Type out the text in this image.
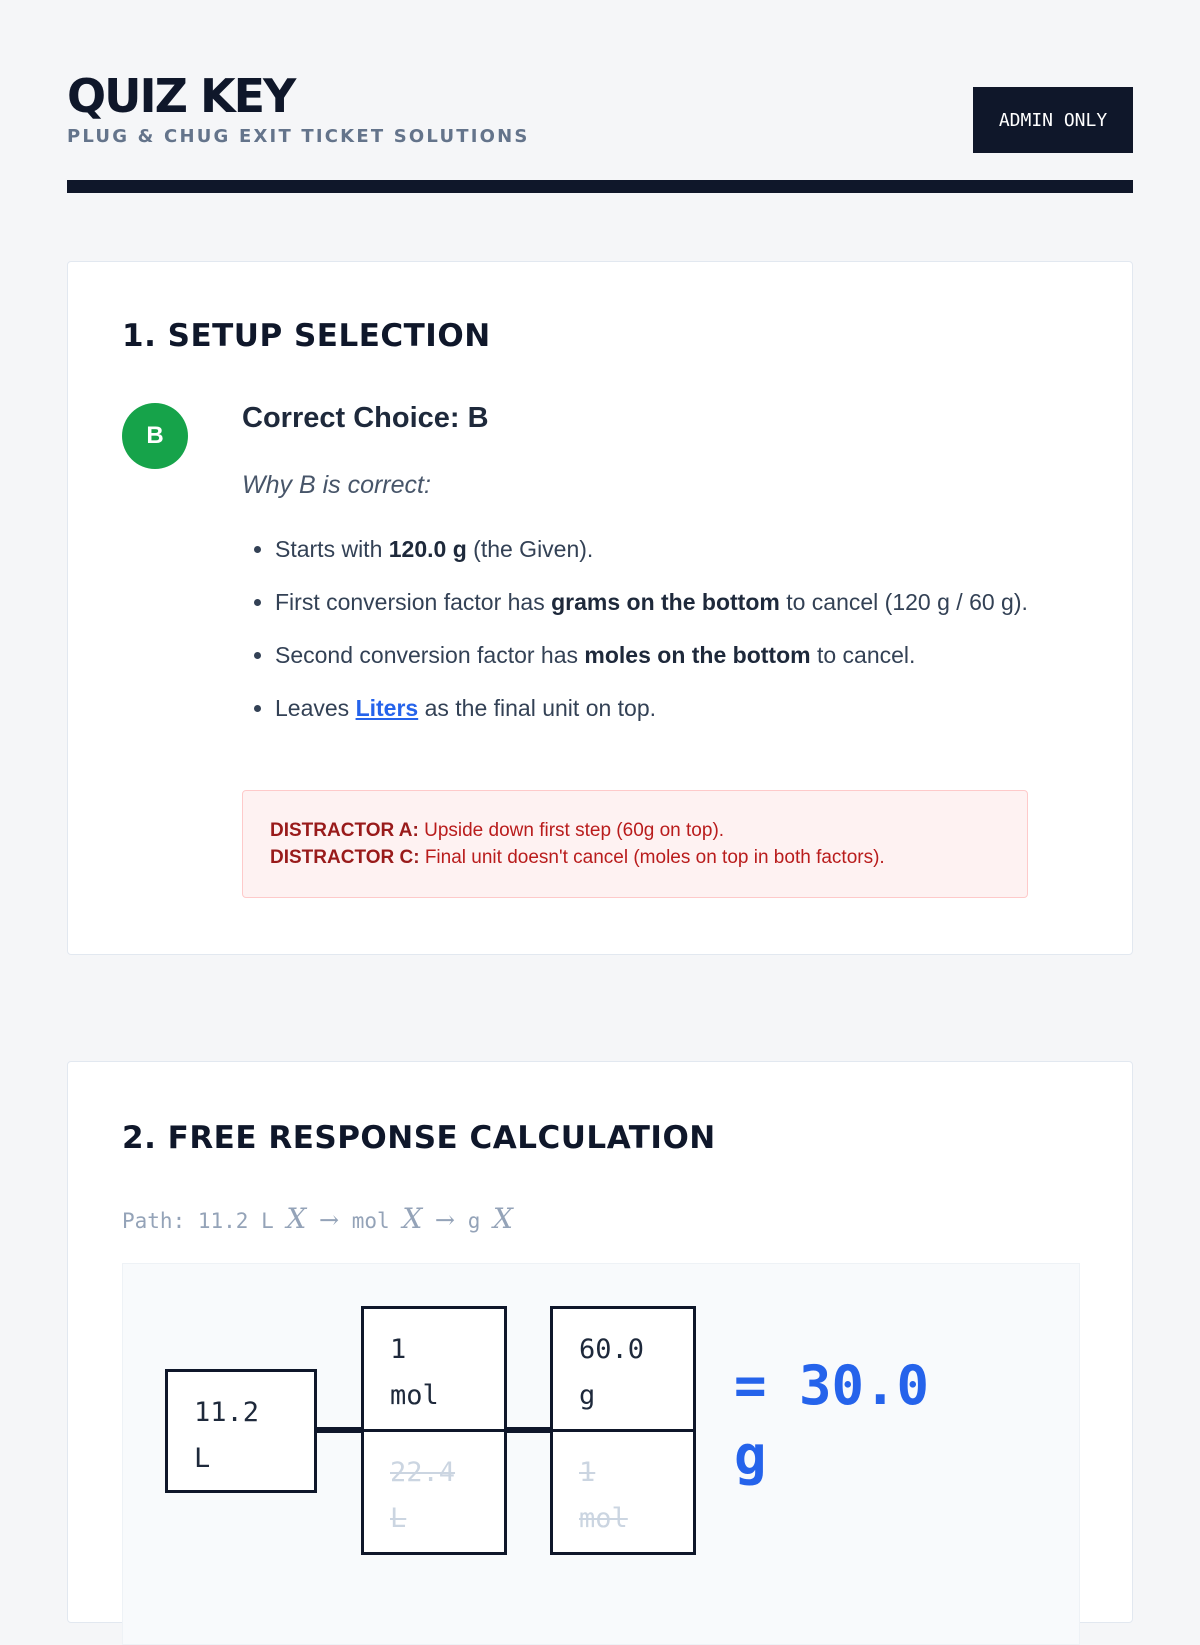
QUIZ KEY
PLUG & CHUG EXIT TICKET SOLUTIONS
ADMIN ONLY
1. SETUP SELECTION
B
Correct Choice: B
Why B is correct:
• Starts with 120.0 g (the Given).
• First conversion factor has grams on the bottom to cancel (120 g / 60 g).
• Second conversion factor has moles on the bottom to cancel.
• Leaves Liters as the final unit on top.
DISTRACTOR A: Upside down first step (60g on top).
DISTRACTOR C: Final unit doesn't cancel (moles on top in both factors).
2. FREE RESPONSE CALCULATION
Path: 11.2 L X → mol X → g X
11.2
L
1
mol
22.4
L
60.0
g
1
mol
= 30.0
g
